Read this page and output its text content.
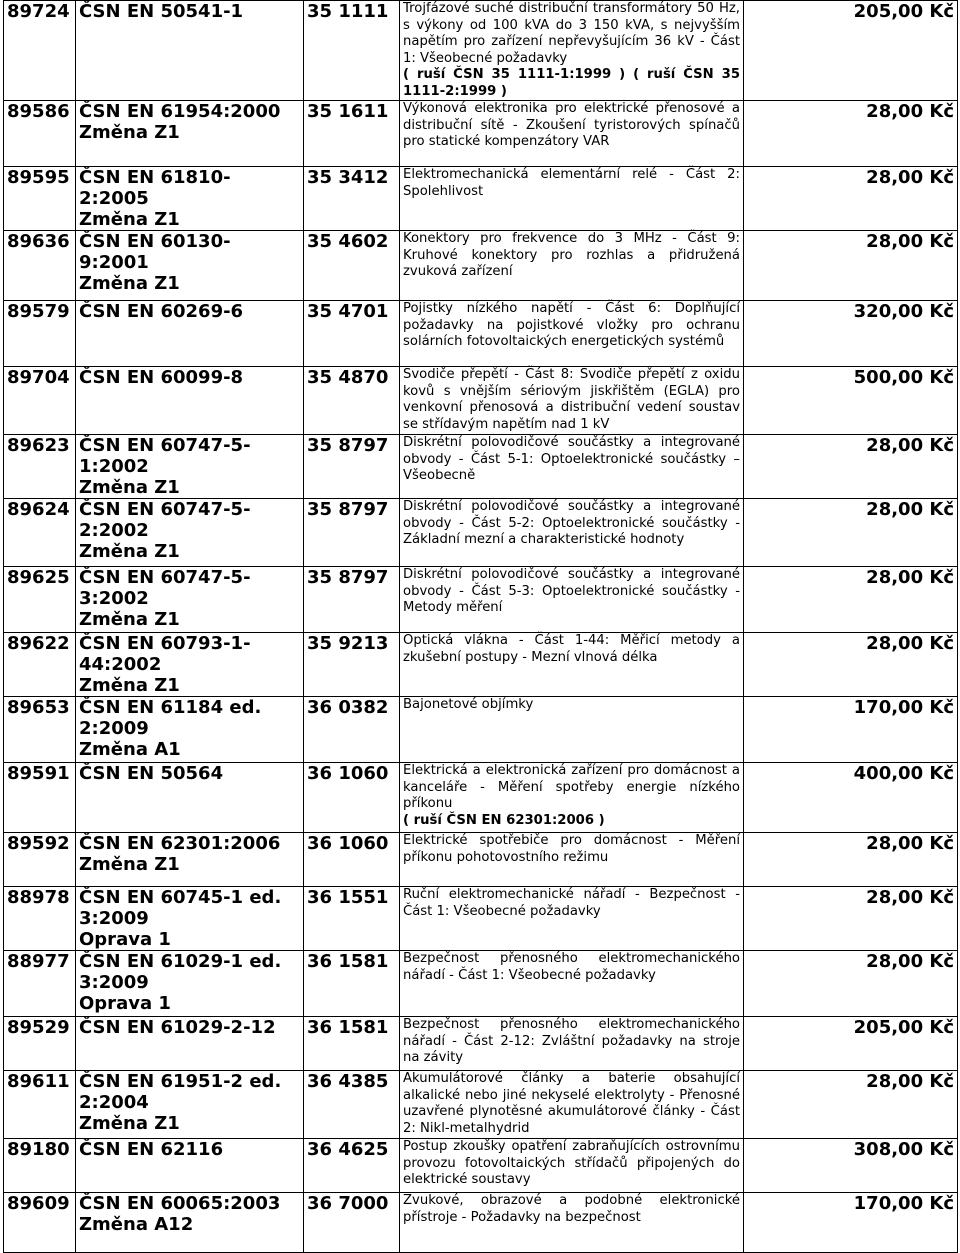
89724	ČSN EN 50541-1	35 1111	Trojfázové suché distribuční transformátory 50 Hz, s výkony od 100 kVA do 3 150 kVA, s nejvyšším napětím pro zařízení nepřevyšujícím 36 kV - Část 1: Všeobecné požadavky
( ruší ČSN 35 1111-1:1999 ) ( ruší ČSN 35 1111-2:1999 )	205,00 Kč
89586	ČSN EN 61954:2000
Změna Z1	35 1611	Výkonová elektronika pro elektrické přenosové a distribuční sítě - Zkoušení tyristorových spínačů pro statické kompenzátory VAR	28,00 Kč
89595	ČSN EN 61810-
2:2005
Změna Z1	35 3412	Elektromechanická elementární relé - Část 2: Spolehlivost	28,00 Kč
89636	ČSN EN 60130-
9:2001
Změna Z1	35 4602	Konektory pro frekvence do 3 MHz - Část 9: Kruhové konektory pro rozhlas a přidružená zvuková zařízení	28,00 Kč
89579	ČSN EN 60269-6	35 4701	Pojistky nízkého napětí - Část 6: Doplňující požadavky na pojistkové vložky pro ochranu solárních fotovoltaických energetických systémů	320,00 Kč
89704	ČSN EN 60099-8	35 4870	Svodiče přepětí - Část 8: Svodiče přepětí z oxidu kovů s vnějším sériovým jiskřištěm (EGLA) pro venkovní přenosová a distribuční vedení soustav se střídavým napětím nad 1 kV	500,00 Kč
89623	ČSN EN 60747-5-
1:2002
Změna Z1	35 8797	Diskrétní polovodičové součástky a integrované obvody - Část 5-1: Optoelektronické součástky – Všeobecně	28,00 Kč
89624	ČSN EN 60747-5-
2:2002
Změna Z1	35 8797	Diskrétní polovodičové součástky a integrované obvody - Část 5-2: Optoelektronické součástky - Základní mezní a charakteristické hodnoty	28,00 Kč
89625	ČSN EN 60747-5-
3:2002
Změna Z1	35 8797	Diskrétní polovodičové součástky a integrované obvody - Část 5-3: Optoelektronické součástky - Metody měření	28,00 Kč
89622	ČSN EN 60793-1-
44:2002
Změna Z1	35 9213	Optická vlákna - Část 1-44: Měřicí metody a zkušební postupy - Mezní vlnová délka	28,00 Kč
89653	ČSN EN 61184 ed.
2:2009
Změna A1	36 0382	Bajonetové objímky	170,00 Kč
89591	ČSN EN 50564	36 1060	Elektrická a elektronická zařízení pro domácnost a kanceláře - Měření spotřeby energie nízkého příkonu
( ruší ČSN EN 62301:2006 )	400,00 Kč
89592	ČSN EN 62301:2006
Změna Z1	36 1060	Elektrické spotřebiče pro domácnost - Měření příkonu pohotovostního režimu	28,00 Kč
88978	ČSN EN 60745-1 ed.
3:2009
Oprava 1	36 1551	Ruční elektromechanické nářadí - Bezpečnost - Část 1: Všeobecné požadavky	28,00 Kč
88977	ČSN EN 61029-1 ed.
3:2009
Oprava 1	36 1581	Bezpečnost přenosného elektromechanického nářadí - Část 1: Všeobecné požadavky	28,00 Kč
89529	ČSN EN 61029-2-12	36 1581	Bezpečnost přenosného elektromechanického nářadí - Část 2-12: Zvláštní požadavky na stroje na závity	205,00 Kč
89611	ČSN EN 61951-2 ed.
2:2004
Změna Z1	36 4385	Akumulátorové články a baterie obsahující alkalické nebo jiné nekyselé elektrolyty - Přenosné uzavřené plynotěsné akumulátorové články - Část 2: Nikl-metalhydrid	28,00 Kč
89180	ČSN EN 62116	36 4625	Postup zkoušky opatření zabraňujících ostrovnímu provozu fotovoltaických střídačů připojených do elektrické soustavy	308,00 Kč
89609	ČSN EN 60065:2003
Změna A12	36 7000	Zvukové, obrazové a podobné elektronické přístroje - Požadavky na bezpečnost	170,00 Kč
